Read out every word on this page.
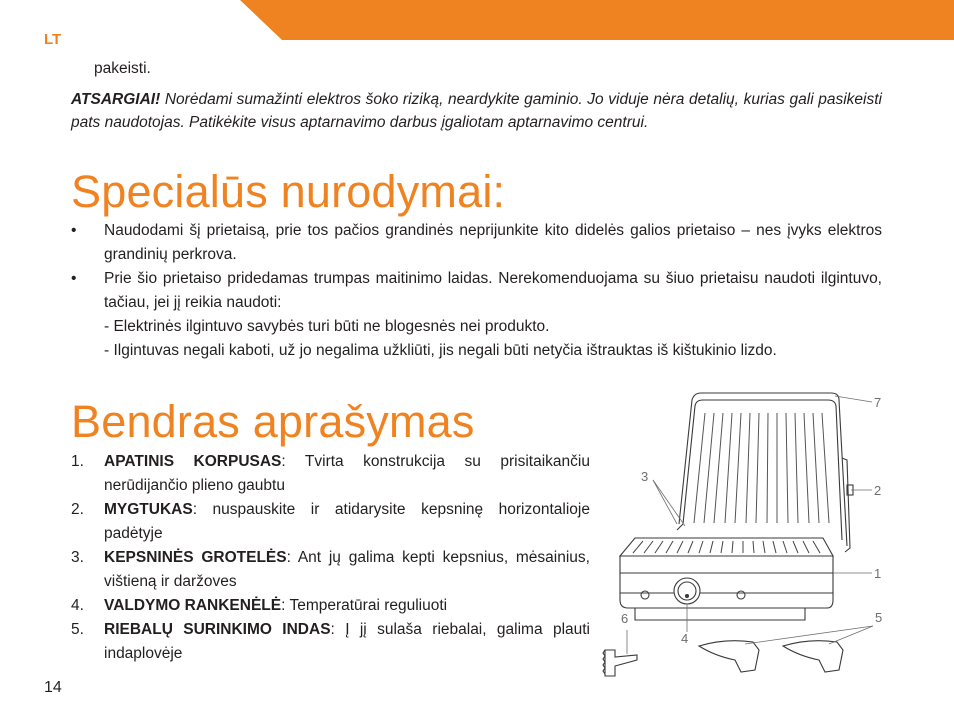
LT
pakeisti.
ATSARGIAI! Norėdami sumažinti elektros šoko riziką, neardykite gaminio. Jo viduje nėra detalių, kurias gali pasikeisti pats naudotojas. Patikėkite visus aptarnavimo darbus įgaliotam aptarnavimo centrui.
Specialūs nurodymai:
• Naudodami šį prietaisą, prie tos pačios grandinės neprijunkite kito didelės galios prietaiso – nes įvyks elektros grandinių perkrova.
• Prie šio prietaiso pridedamas trumpas maitinimo laidas. Nerekomenduojama su šiuo prietaisu naudoti ilgintuvo, tačiau, jei jį reikia naudoti:
- Elektrinės ilgintuvo savybės turi būti ne blogesnės nei produkto.
- Ilgintuvas negali kaboti, už jo negalima užkliūti, jis negali būti netyčia ištrauktas iš kištukinio lizdo.
Bendras aprašymas
1. APATINIS KORPUSAS: Tvirta konstrukcija su prisitaikančiu nerūdijančio plieno gaubtu
2. MYGTUKAS: nuspauskite ir atidarysite kepsninę horizontalioje padėtyje
3. KEPSNINĖS GROTELĖS: Ant jų galima kepti kepsnius, mėsainius, vištieną ir daržoves
4. VALDYMO RANKENĖLĖ: Temperatūrai reguliuoti
5. RIEBALŲ SURINKIMO INDAS: Į jį sulaša riebalai, galima plauti indaplovėje
7
3
2
1
6
4
5
14
